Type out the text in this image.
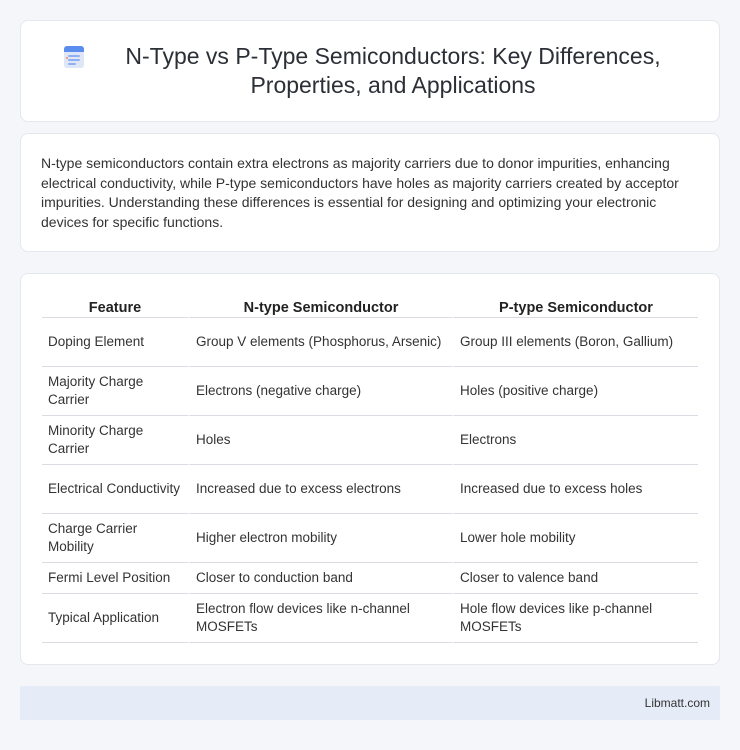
N-Type vs P-Type Semiconductors: Key Differences, Properties, and Applications

N-type semiconductors contain extra electrons as majority carriers due to donor impurities, enhancing electrical conductivity, while P-type semiconductors have holes as majority carriers created by acceptor impurities. Understanding these differences is essential for designing and optimizing your electronic devices for specific functions.

Feature	N-type Semiconductor	P-type Semiconductor
Doping Element	Group V elements (Phosphorus, Arsenic)	Group III elements (Boron, Gallium)
Majority Charge Carrier	Electrons (negative charge)	Holes (positive charge)
Minority Charge Carrier	Holes	Electrons
Electrical Conductivity	Increased due to excess electrons	Increased due to excess holes
Charge Carrier Mobility	Higher electron mobility	Lower hole mobility
Fermi Level Position	Closer to conduction band	Closer to valence band
Typical Application	Electron flow devices like n-channel MOSFETs	Hole flow devices like p-channel MOSFETs
Libmatt.com
